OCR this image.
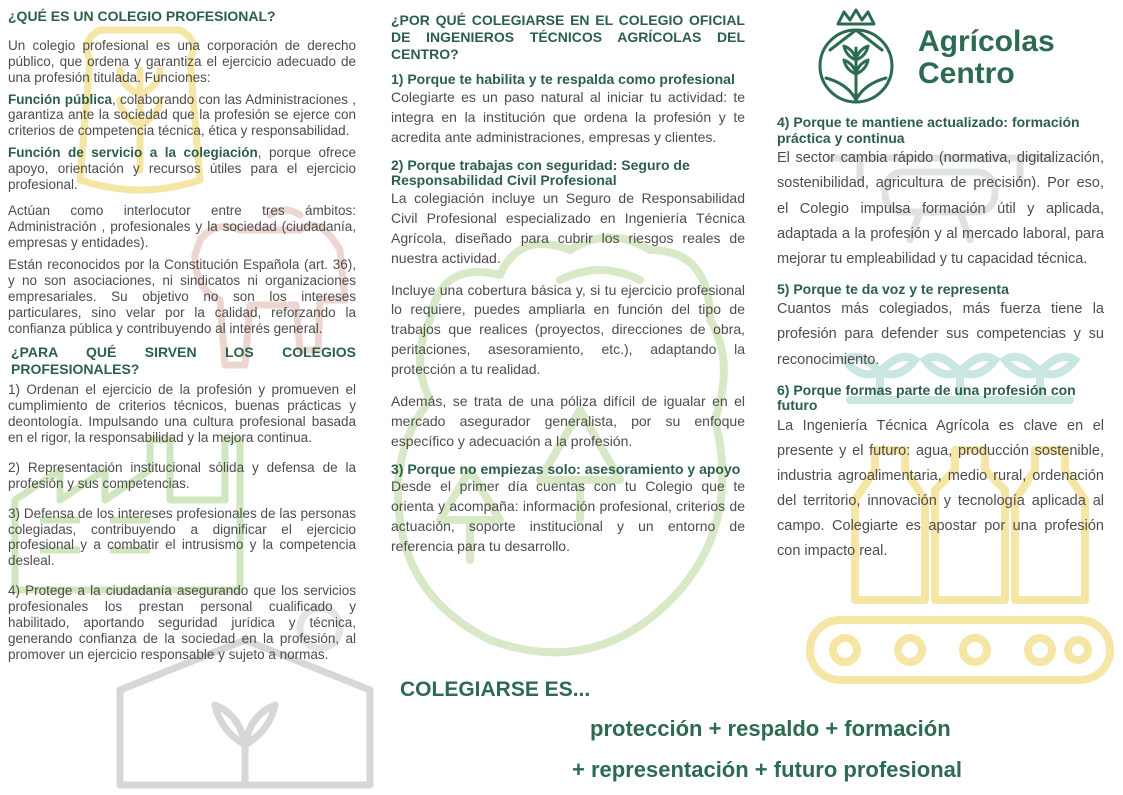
Agrícolas
Centro
¿QUÉ ES UN COLEGIO PROFESIONAL?

Un colegio profesional es una corporación de derecho público, que ordena y garantiza el ejercicio adecuado de una profesión titulada. Funciones:

Función pública, colaborando con las Administraciones , garantiza ante la sociedad que la profesión se ejerce con criterios de competencia técnica, ética y responsabilidad.

Función de servicio a la colegiación, porque ofrece apoyo, orientación y recursos útiles para el ejercicio profesional.

Actúan como interlocutor entre tres ámbitos: Administración , profesionales y la sociedad (ciudadanía, empresas y entidades).

Están reconocidos por la Constitución Española (art. 36), y no son asociaciones, ni sindicatos ni organizaciones empresariales. Su objetivo no son los intereses particulares, sino velar por la calidad, reforzando la confianza pública y contribuyendo al interés general.

¿PARA QUÉ SIRVEN LOS COLEGIOS PROFESIONALES?

1) Ordenan el ejercicio de la profesión y promueven el cumplimiento de criterios técnicos, buenas prácticas y deontología. Impulsando una cultura profesional basada en el rigor, la responsabilidad y la mejora continua.

2) Representación institucional sólida y defensa de la profesión y sus competencias.

3) Defensa de los intereses profesionales de las personas colegiadas, contribuyendo a dignificar el ejercicio profesional y a combatir el intrusismo y la competencia desleal.

4) Protege a la ciudadanía asegurando que los servicios profesionales los prestan personal cualificado y habilitado, aportando seguridad jurídica y técnica, generando confianza de la sociedad en la profesión, al promover un ejercicio responsable y sujeto a normas.

¿POR QUÉ COLEGIARSE EN EL COLEGIO OFICIAL DE INGENIEROS TÉCNICOS AGRÍCOLAS DEL CENTRO?
1) Porque te habilita y te respalda como profesional

Colegiarte es un paso natural al iniciar tu actividad: te integra en la institución que ordena la profesión y te acredita ante administraciones, empresas y clientes.

2) Porque trabajas con seguridad: Seguro de Responsabilidad Civil Profesional

La colegiación incluye un Seguro de Responsabilidad Civil Profesional especializado en Ingeniería Técnica Agrícola, diseñado para cubrir los riesgos reales de nuestra actividad.

Incluye una cobertura básica y, si tu ejercicio profesional lo requiere, puedes ampliarla en función del tipo de trabajos que realices (proyectos, direcciones de obra, peritaciones, asesoramiento, etc.), adaptando la protección a tu realidad.

Además, se trata de una póliza difícil de igualar en el mercado asegurador generalista, por su enfoque específico y adecuación a la profesión.

3) Porque no empiezas solo: asesoramiento y apoyo

Desde el primer día cuentas con tu Colegio que te orienta y acompaña: información profesional, criterios de actuación, soporte institucional y un entorno de referencia para tu desarrollo.

4) Porque te mantiene actualizado: formación práctica y continua

El sector cambia rápido (normativa, digitalización, sostenibilidad, agricultura de precisión). Por eso, el Colegio impulsa formación útil y aplicada, adaptada a la profesión y al mercado laboral, para mejorar tu empleabilidad y tu capacidad técnica.

5) Porque te da voz y te representa

Cuantos más colegiados, más fuerza tiene la profesión para defender sus competencias y su reconocimiento.

6) Porque formas parte de una profesión con futuro

La Ingeniería Técnica Agrícola es clave en el presente y el futuro: agua, producción sostenible, industria agroalimentaria, medio rural, ordenación del territorio, innovación y tecnología aplicada al campo. Colegiarte es apostar por una profesión con impacto real.

COLEGIARSE ES...
protección + respaldo + formación
+ representación + futuro profesional
